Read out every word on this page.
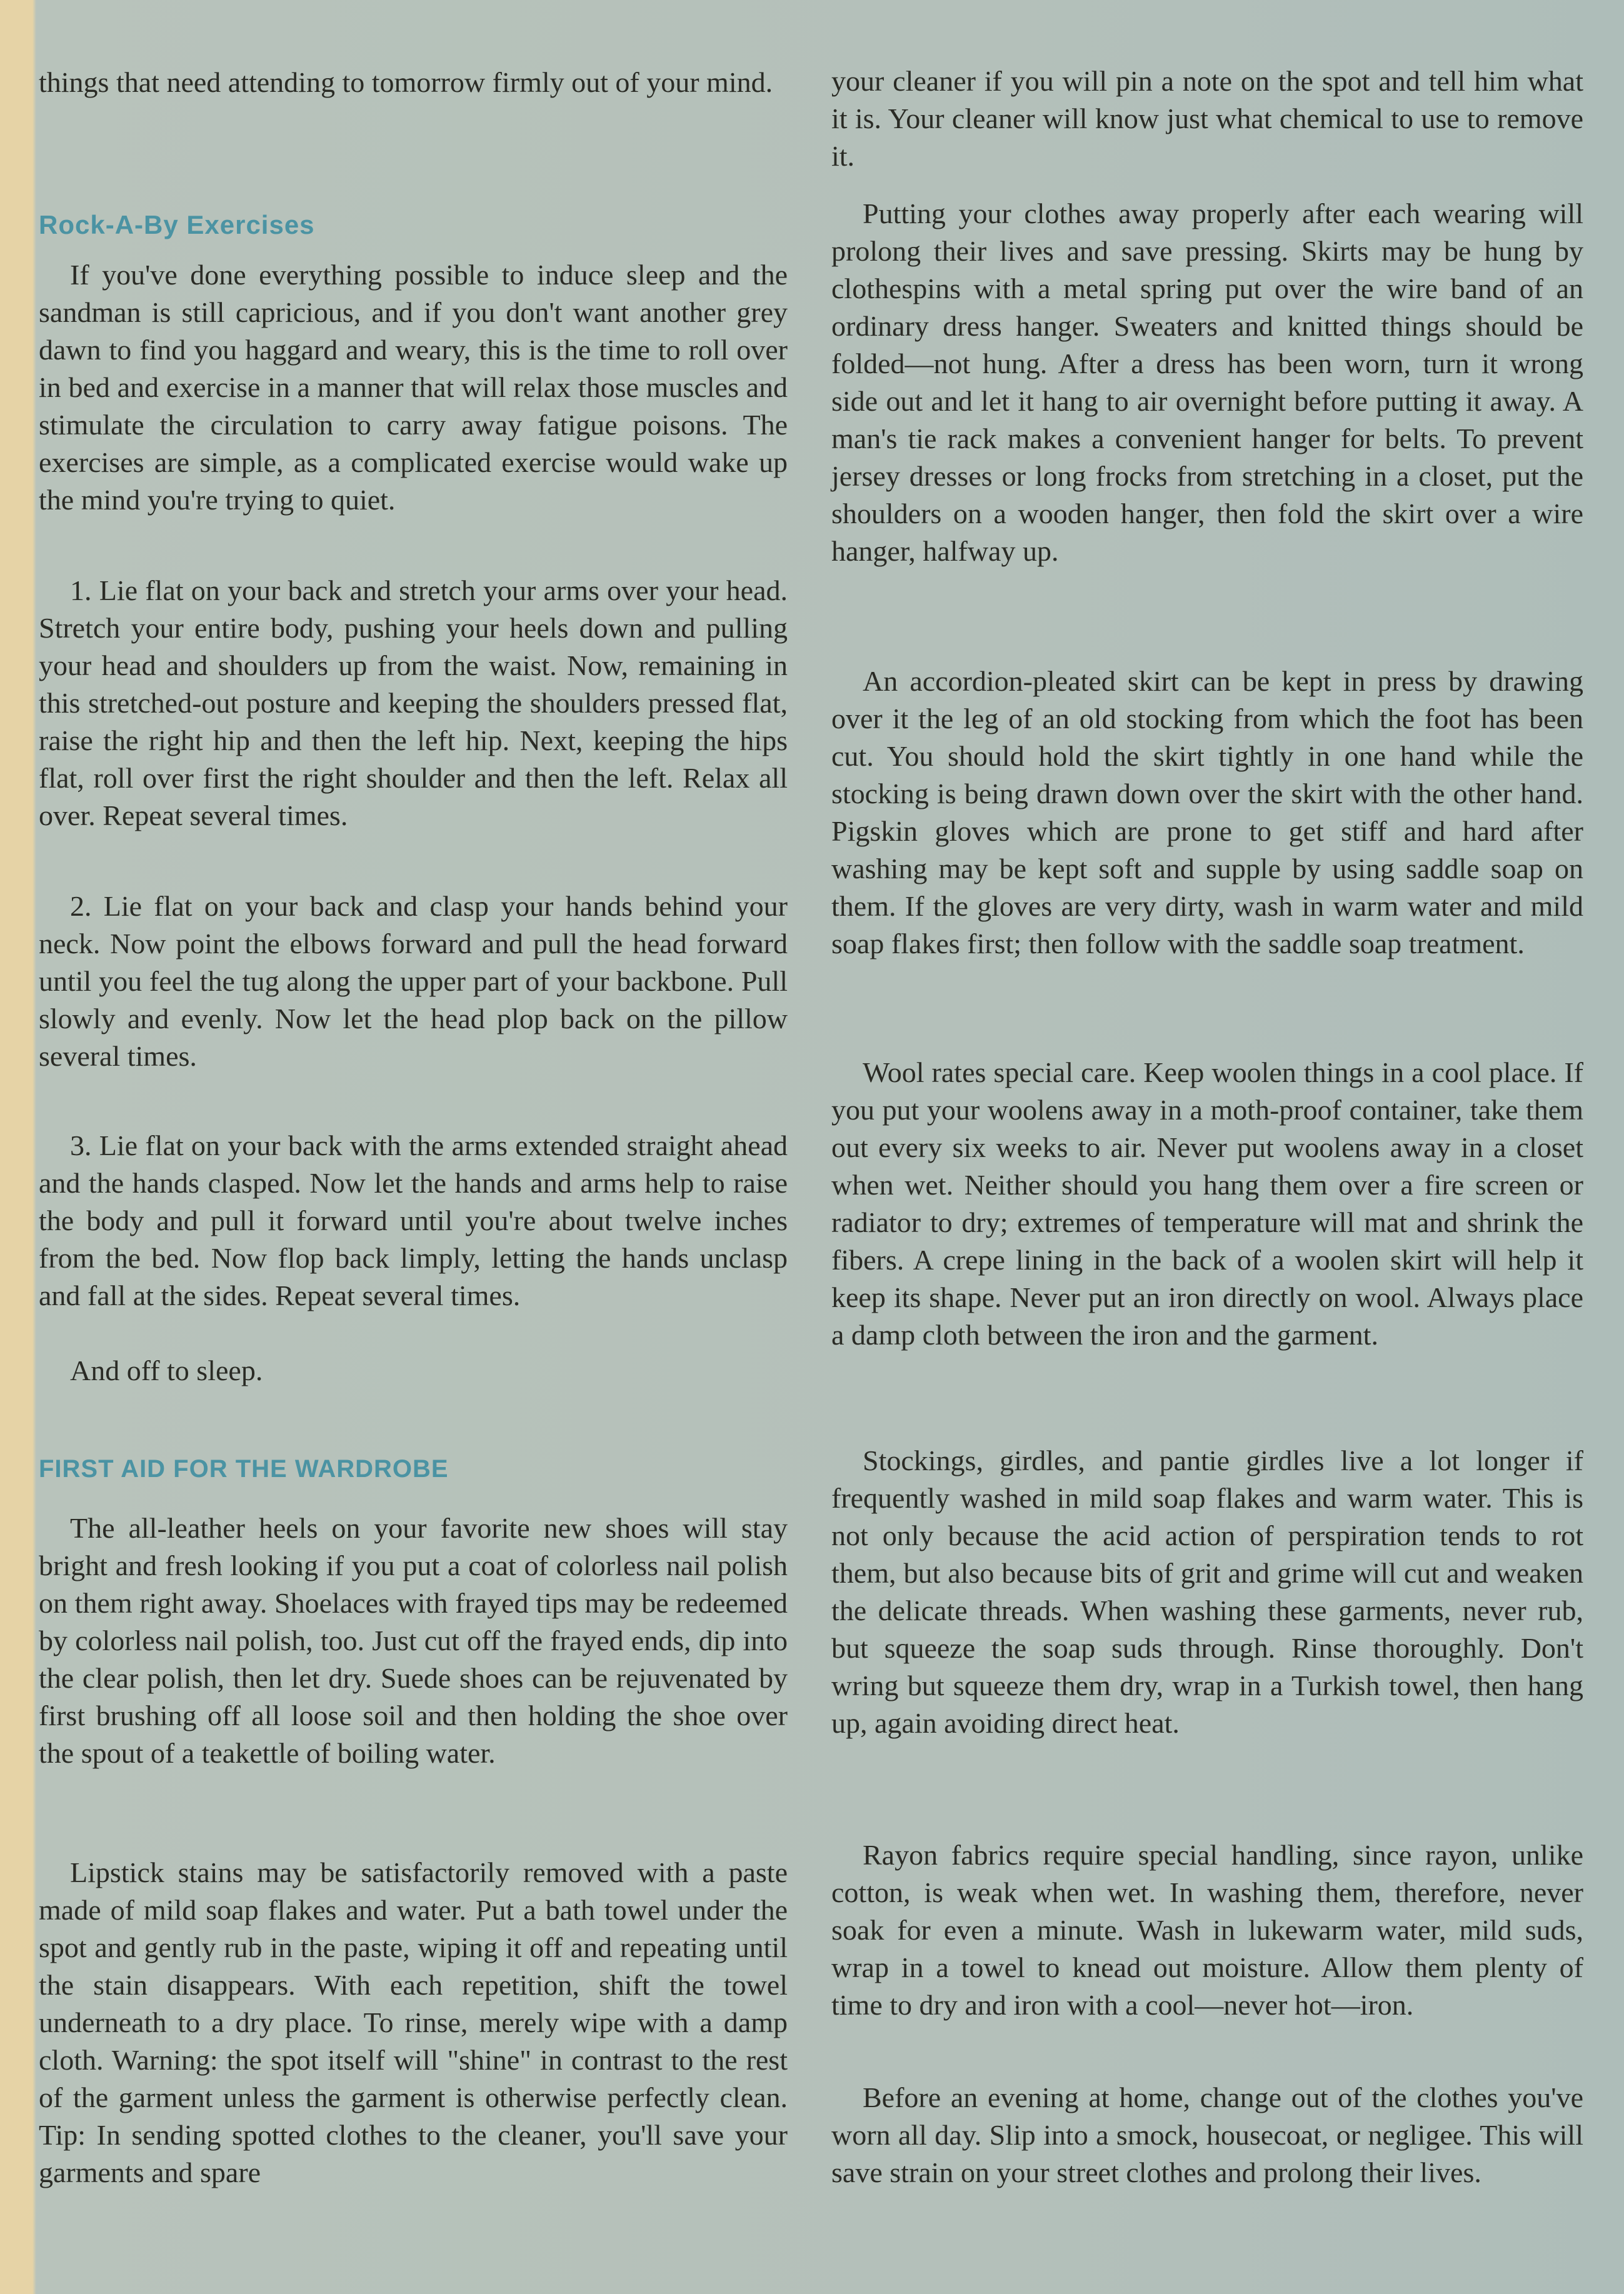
things that need attending to tomorrow firmly out of your mind.

Rock-A-By Exercises

If you've done everything possible to induce sleep and the sandman is still capricious, and if you don't want another grey dawn to find you haggard and weary, this is the time to roll over in bed and exercise in a manner that will relax those muscles and stimulate the circulation to carry away fatigue poisons. The exercises are simple, as a complicated exercise would wake up the mind you're trying to quiet.

1. Lie flat on your back and stretch your arms over your head. Stretch your entire body, pushing your heels down and pulling your head and shoulders up from the waist. Now, remaining in this stretched-out posture and keeping the shoulders pressed flat, raise the right hip and then the left hip. Next, keeping the hips flat, roll over first the right shoulder and then the left. Relax all over. Repeat several times.

2. Lie flat on your back and clasp your hands behind your neck. Now point the elbows forward and pull the head forward until you feel the tug along the upper part of your backbone. Pull slowly and evenly. Now let the head plop back on the pillow several times.

3. Lie flat on your back with the arms extended straight ahead and the hands clasped. Now let the hands and arms help to raise the body and pull it forward until you're about twelve inches from the bed. Now flop back limply, letting the hands unclasp and fall at the sides. Repeat several times.

And off to sleep.

FIRST AID FOR THE WARDROBE

The all-leather heels on your favorite new shoes will stay bright and fresh looking if you put a coat of colorless nail polish on them right away. Shoelaces with frayed tips may be redeemed by colorless nail polish, too. Just cut off the frayed ends, dip into the clear polish, then let dry. Suede shoes can be rejuvenated by first brushing off all loose soil and then holding the shoe over the spout of a teakettle of boiling water.

Lipstick stains may be satisfactorily removed with a paste made of mild soap flakes and water. Put a bath towel under the spot and gently rub in the paste, wiping it off and repeating until the stain disappears. With each repetition, shift the towel underneath to a dry place. To rinse, merely wipe with a damp cloth. Warning: the spot itself will "shine" in contrast to the rest of the garment unless the garment is otherwise perfectly clean. Tip: In sending spotted clothes to the cleaner, you'll save your garments and spare

your cleaner if you will pin a note on the spot and tell him what it is. Your cleaner will know just what chemical to use to remove it.

Putting your clothes away properly after each wearing will prolong their lives and save pressing. Skirts may be hung by clothespins with a metal spring put over the wire band of an ordinary dress hanger. Sweaters and knitted things should be folded—not hung. After a dress has been worn, turn it wrong side out and let it hang to air overnight before putting it away. A man's tie rack makes a convenient hanger for belts. To prevent jersey dresses or long frocks from stretching in a closet, put the shoulders on a wooden hanger, then fold the skirt over a wire hanger, halfway up.

An accordion-pleated skirt can be kept in press by drawing over it the leg of an old stocking from which the foot has been cut. You should hold the skirt tightly in one hand while the stocking is being drawn down over the skirt with the other hand. Pigskin gloves which are prone to get stiff and hard after washing may be kept soft and supple by using saddle soap on them. If the gloves are very dirty, wash in warm water and mild soap flakes first; then follow with the saddle soap treatment.

Wool rates special care. Keep woolen things in a cool place. If you put your woolens away in a moth-proof container, take them out every six weeks to air. Never put woolens away in a closet when wet. Neither should you hang them over a fire screen or radiator to dry; extremes of temperature will mat and shrink the fibers. A crepe lining in the back of a woolen skirt will help it keep its shape. Never put an iron directly on wool. Always place a damp cloth between the iron and the garment.

Stockings, girdles, and pantie girdles live a lot longer if frequently washed in mild soap flakes and warm water. This is not only because the acid action of perspiration tends to rot them, but also because bits of grit and grime will cut and weaken the delicate threads. When washing these garments, never rub, but squeeze the soap suds through. Rinse thoroughly. Don't wring but squeeze them dry, wrap in a Turkish towel, then hang up, again avoiding direct heat.

Rayon fabrics require special handling, since rayon, unlike cotton, is weak when wet. In washing them, therefore, never soak for even a minute. Wash in lukewarm water, mild suds, wrap in a towel to knead out moisture. Allow them plenty of time to dry and iron with a cool—never hot—iron.

Before an evening at home, change out of the clothes you've worn all day. Slip into a smock, housecoat, or negligee. This will save strain on your street clothes and prolong their lives.
